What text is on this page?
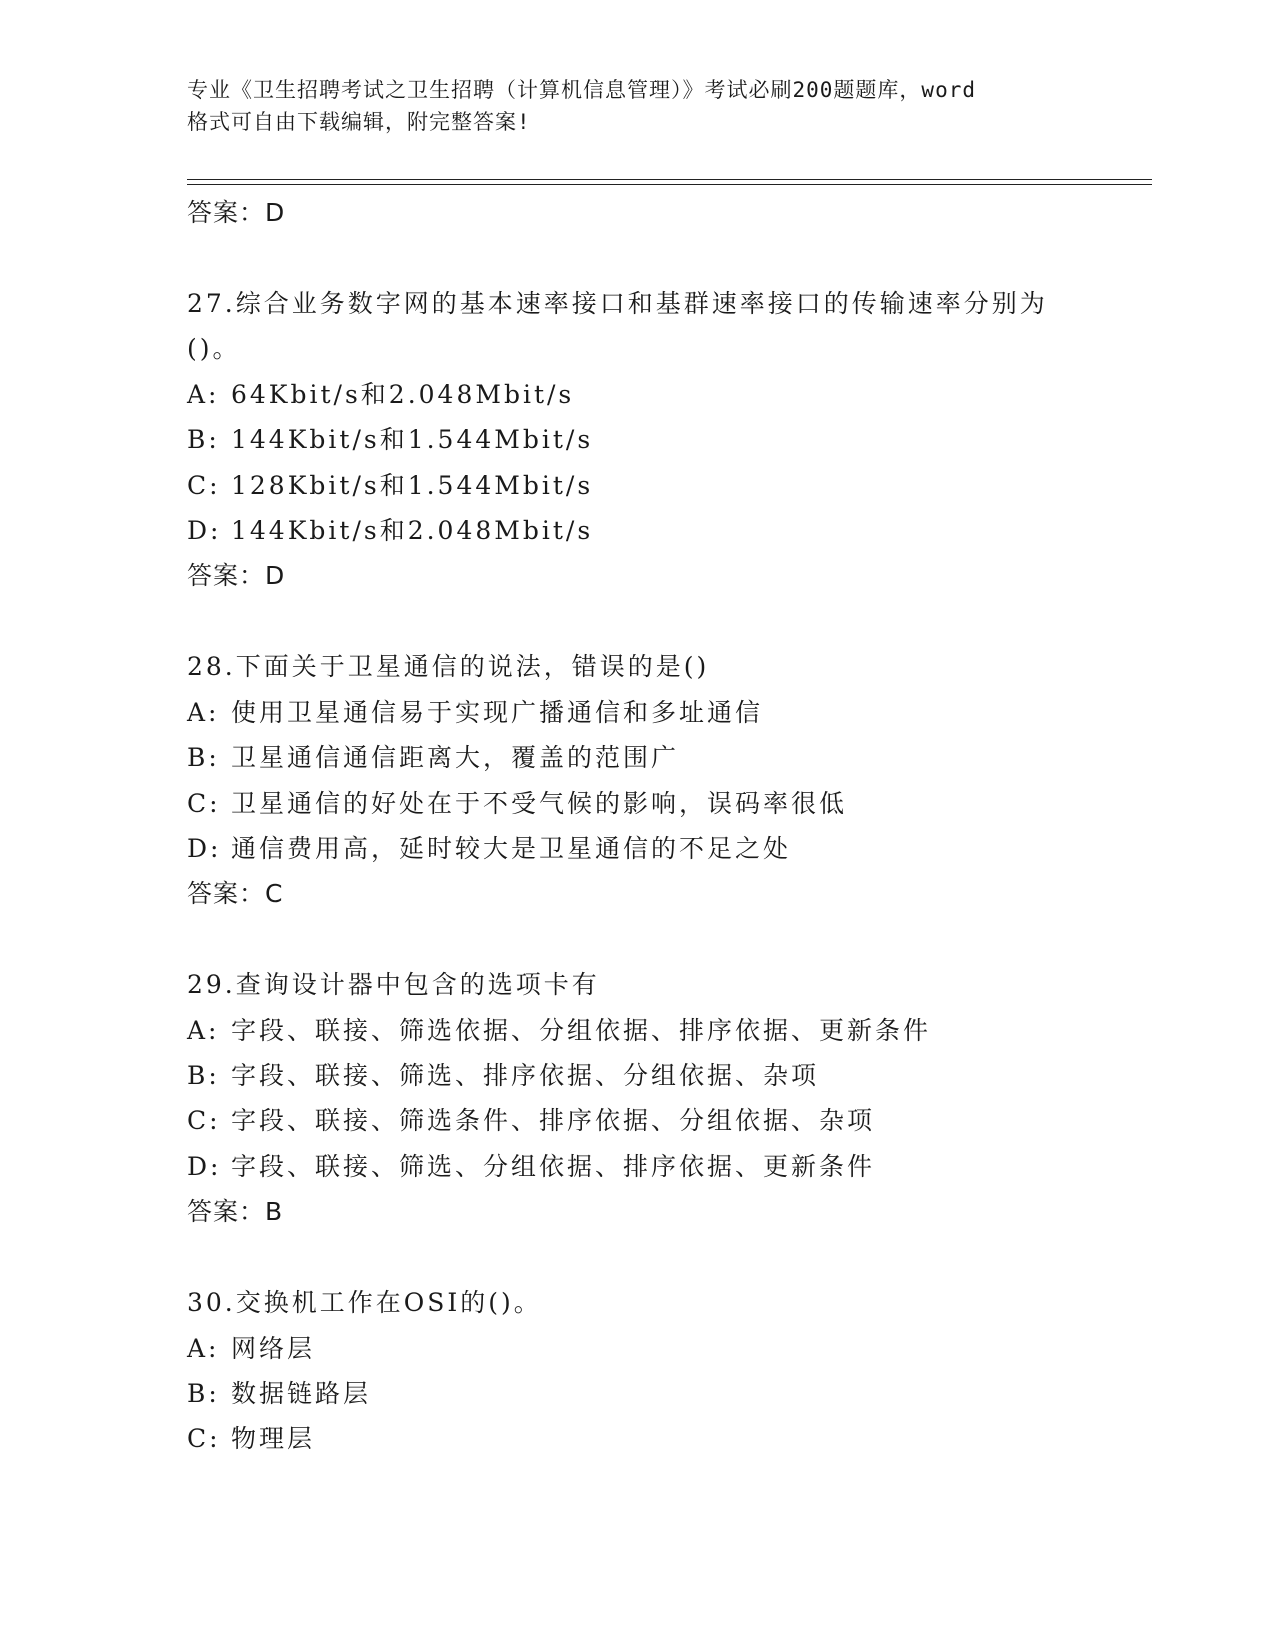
专业《卫生招聘考试之卫生招聘（计算机信息管理）》考试必刷200题题库，word
格式可自由下载编辑，附完整答案!
答案：D
27.综合业务数字网的基本速率接口和基群速率接口的传输速率分别为
()。
A: 64Kbit/s和2.048Mbit/s
B: 144Kbit/s和1.544Mbit/s
C: 128Kbit/s和1.544Mbit/s
D: 144Kbit/s和2.048Mbit/s
答案：D
28.下面关于卫星通信的说法，错误的是()
A: 使用卫星通信易于实现广播通信和多址通信
B: 卫星通信通信距离大，覆盖的范围广
C: 卫星通信的好处在于不受气候的影响，误码率很低
D: 通信费用高，延时较大是卫星通信的不足之处
答案：C
29.查询设计器中包含的选项卡有
A: 字段、联接、筛选依据、分组依据、排序依据、更新条件
B: 字段、联接、筛选、排序依据、分组依据、杂项
C: 字段、联接、筛选条件、排序依据、分组依据、杂项
D: 字段、联接、筛选、分组依据、排序依据、更新条件
答案：B
30.交换机工作在OSI的()。
A: 网络层
B: 数据链路层
C: 物理层
